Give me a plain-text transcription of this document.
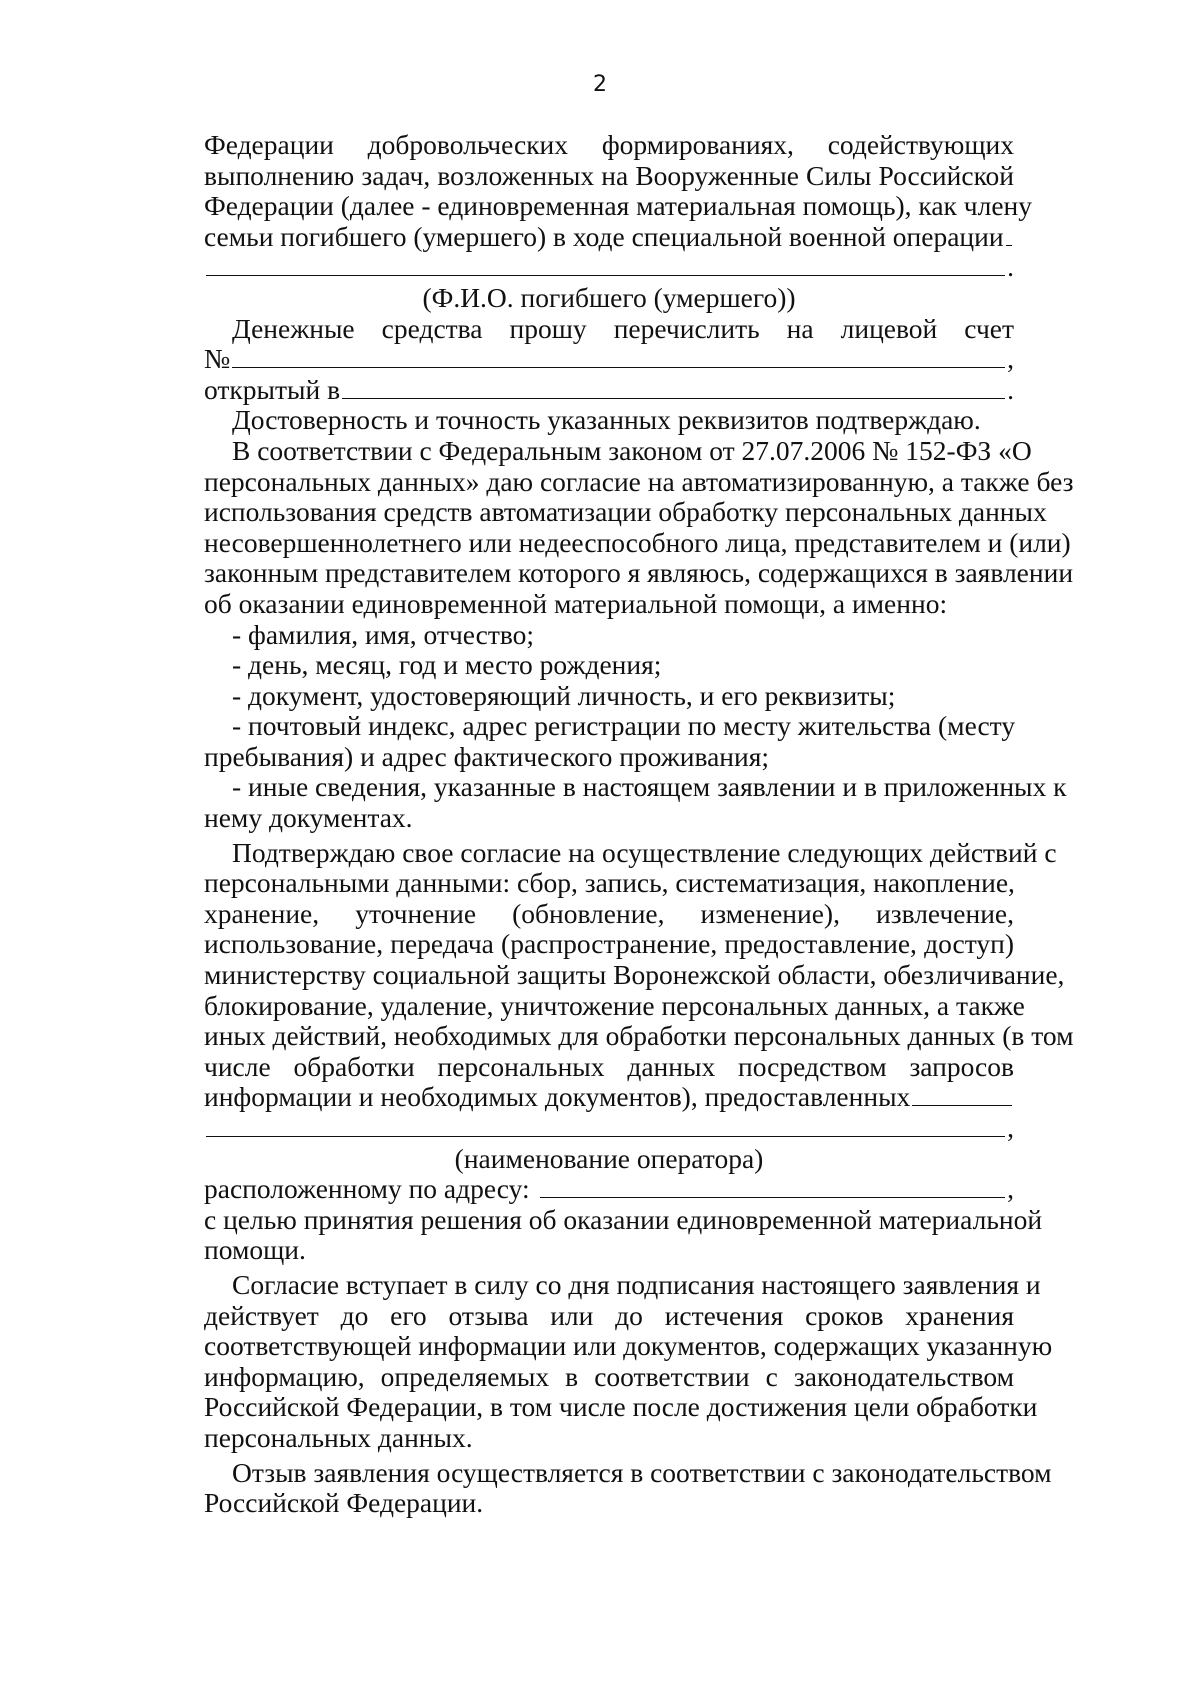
2
Федерации добровольческих формированиях, содействующих
выполнению задач, возложенных на Вооруженные Силы Российской
Федерации (далее - единовременная материальная помощь), как члену
семьи погибшего (умершего) в ходе специальной военной операции
.
(Ф.И.О. погибшего (умершего))
Денежные средства прошу перечислить на лицевой счет
№	,
открытый в	.
Достоверность и точность указанных реквизитов подтверждаю.
В соответствии с Федеральным законом от 27.07.2006 № 152-ФЗ «О
персональных данных» даю согласие на автоматизированную, а также без
использования средств автоматизации обработку персональных данных
несовершеннолетнего или недееспособного лица, представителем и (или)
законным представителем которого я являюсь, содержащихся в заявлении
об оказании единовременной материальной помощи, а именно:
- фамилия, имя, отчество;
- день, месяц, год и место рождения;
- документ, удостоверяющий личность, и его реквизиты;
- почтовый индекс, адрес регистрации по месту жительства (месту
пребывания) и адрес фактического проживания;
- иные сведения, указанные в настоящем заявлении и в приложенных к
нему документах.
Подтверждаю свое согласие на осуществление следующих действий с
персональными данными: сбор, запись, систематизация, накопление,
хранение, уточнение (обновление, изменение), извлечение,
использование, передача (распространение, предоставление, доступ)
министерству социальной защиты Воронежской области, обезличивание,
блокирование, удаление, уничтожение персональных данных, а также
иных действий, необходимых для обработки персональных данных (в том
числе обработки персональных данных посредством запросов
информации и необходимых документов), предоставленных
,
(наименование оператора)
расположенному по адресу:	,
с целью принятия решения об оказании единовременной материальной
помощи.
Согласие вступает в силу со дня подписания настоящего заявления и
действует до его отзыва или до истечения сроков хранения
соответствующей информации или документов, содержащих указанную
информацию, определяемых в соответствии с законодательством
Российской Федерации, в том числе после достижения цели обработки
персональных данных.
Отзыв заявления осуществляется в соответствии с законодательством
Российской Федерации.
